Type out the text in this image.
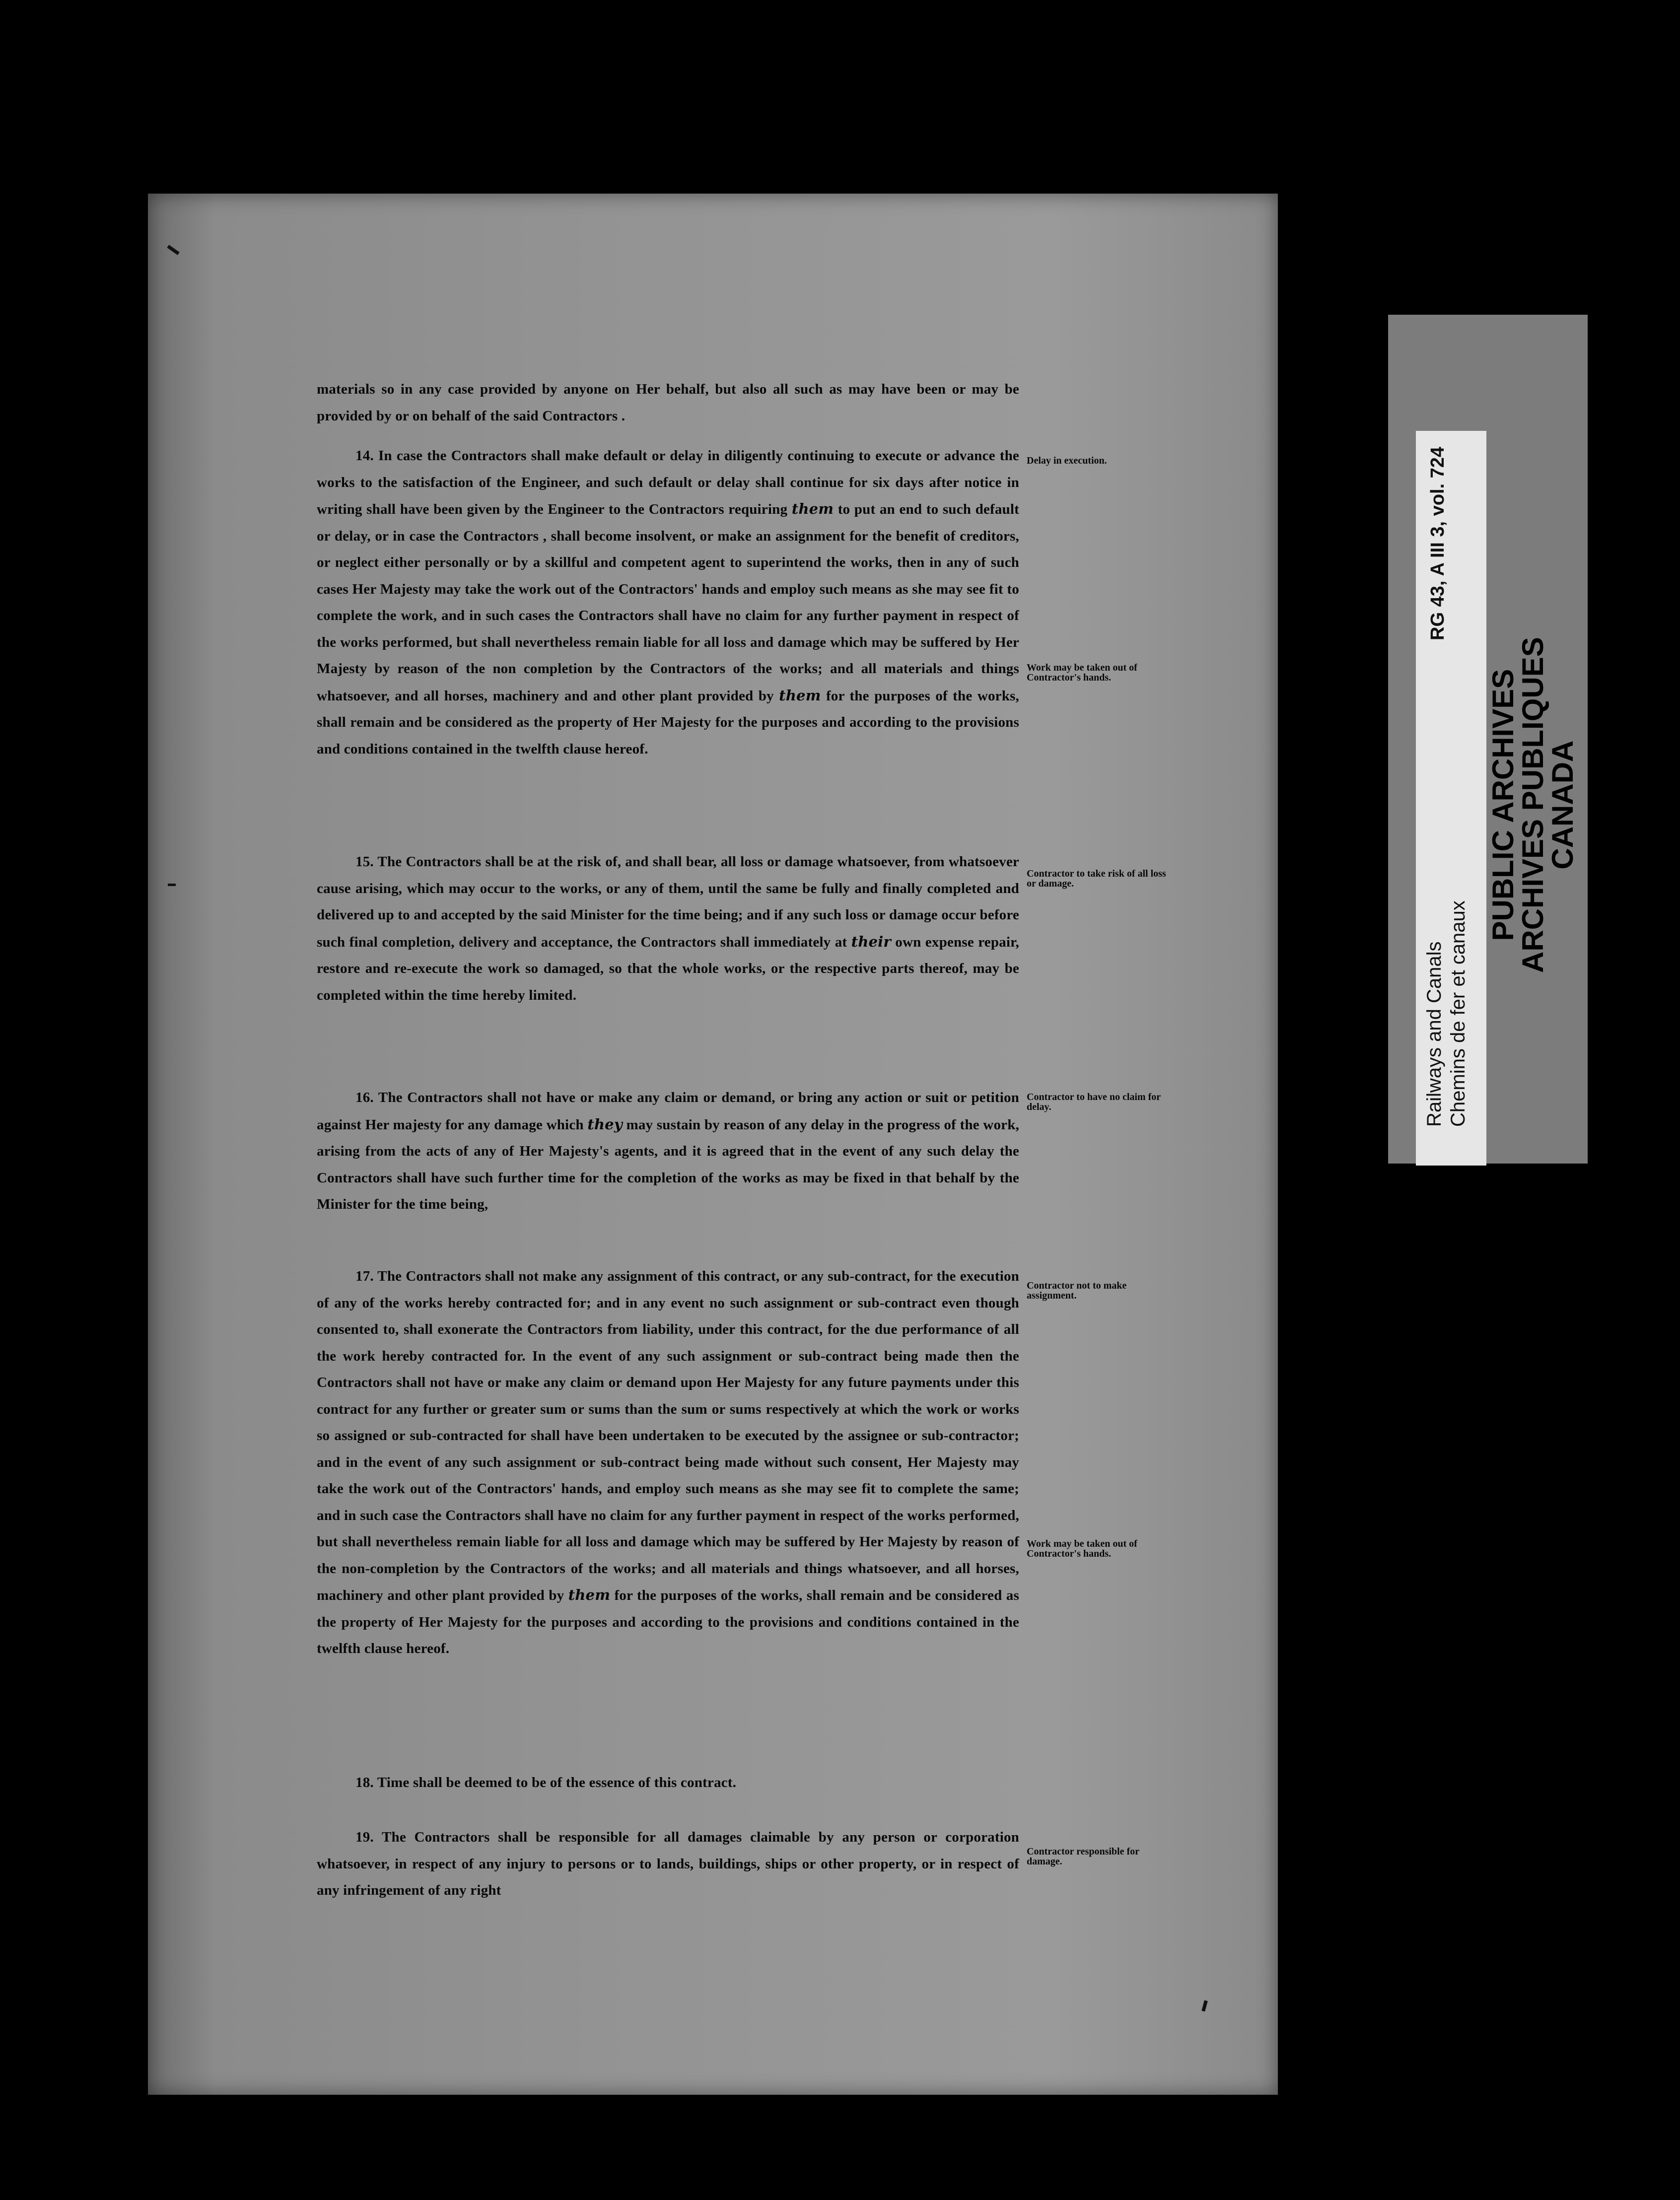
materials so in any case provided by anyone on Her behalf, but also all such as may have been or may be provided by or on behalf of the said Contractors .

14. In case the Contractors shall make default or delay in diligently continuing to execute or advance the works to the satisfaction of the Engineer, and such default or delay shall continue for six days after notice in writing shall have been given by the Engineer to the Contractors requiring them to put an end to such default or delay, or in case the Contractors , shall become insolvent, or make an assignment for the benefit of creditors, or neglect either personally or by a skillful and competent agent to superintend the works, then in any of such cases Her Majesty may take the work out of the Contractors' hands and employ such means as she may see fit to complete the work, and in such cases the Contractors shall have no claim for any further payment in respect of the works performed, but shall nevertheless remain liable for all loss and damage which may be suffered by Her Majesty by reason of the non completion by the Contractors of the works; and all materials and things whatsoever, and all horses, machinery and and other plant provided by them for the purposes of the works, shall remain and be considered as the property of Her Majesty for the purposes and according to the provisions and conditions contained in the twelfth clause hereof.

15. The Contractors shall be at the risk of, and shall bear, all loss or damage whatsoever, from whatsoever cause arising, which may occur to the works, or any of them, until the same be fully and finally completed and delivered up to and accepted by the said Minister for the time being; and if any such loss or damage occur before such final completion, delivery and acceptance, the Contractors shall immediately at their own expense repair, restore and re-execute the work so damaged, so that the whole works, or the respective parts thereof, may be completed within the time hereby limited.

16. The Contractors shall not have or make any claim or demand, or bring any action or suit or petition against Her majesty for any damage which they may sustain by reason of any delay in the progress of the work, arising from the acts of any of Her Majesty's agents, and it is agreed that in the event of any such delay the Contractors shall have such further time for the completion of the works as may be fixed in that behalf by the Minister for the time being,

17. The Contractors shall not make any assignment of this contract, or any sub-contract, for the execution of any of the works hereby contracted for; and in any event no such assignment or sub-contract even though consented to, shall exonerate the Contractors from liability, under this contract, for the due performance of all the work hereby contracted for. In the event of any such assignment or sub-contract being made then the Contractors shall not have or make any claim or demand upon Her Majesty for any future payments under this contract for any further or greater sum or sums than the sum or sums respectively at which the work or works so assigned or sub-contracted for shall have been undertaken to be executed by the assignee or sub-contractor; and in the event of any such assignment or sub-contract being made without such consent, Her Majesty may take the work out of the Contractors' hands, and employ such means as she may see fit to complete the same; and in such case the Contractors shall have no claim for any further payment in respect of the works performed, but shall nevertheless remain liable for all loss and damage which may be suffered by Her Majesty by reason of the non-completion by the Contractors of the works; and all materials and things whatsoever, and all horses, machinery and other plant provided by them for the purposes of the works, shall remain and be considered as the property of Her Majesty for the purposes and according to the provisions and conditions contained in the twelfth clause hereof.

18. Time shall be deemed to be of the essence of this contract.

19. The Contractors shall be responsible for all damages claimable by any person or corporation whatsoever, in respect of any injury to persons or to lands, buildings, ships or other property, or in respect of any infringement of any right

Delay in execution.
Work may be taken out of Contractor's hands.
Contractor to take risk of all loss or damage.
Contractor to have no claim for delay.
Contractor not to make assignment.
Work may be taken out of Contractor's hands.
Contractor responsible for damage.
Railways and Canals Chemins de fer et canaux
RG 43, A III 3, vol. 724
PUBLIC ARCHIVES
ARCHIVES PUBLIQUES
CANADA
